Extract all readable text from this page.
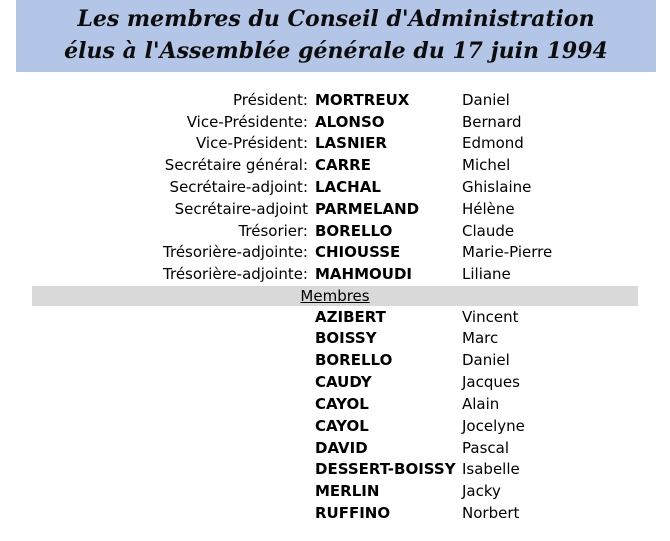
Les membres du Conseil d'Administration
élus à l'Assemblée générale du 17 juin 1994
Président: MORTREUX	Daniel
Vice-Présidente: ALONSO	Bernard
Vice-Président: LASNIER	Edmond
Secrétaire général: CARRE	Michel
Secrétaire-adjoint: LACHAL	Ghislaine
Secrétaire-adjoint PARMELAND	Hélène
Trésorier: BORELLO	Claude
Trésorière-adjointe: CHIOUSSE	Marie-Pierre
Trésorière-adjointe: MAHMOUDI	Liliane
Membres
AZIBERT	Vincent
BOISSY	Marc
BORELLO	Daniel
CAUDY	Jacques
CAYOL	Alain
CAYOL	Jocelyne
DAVID	Pascal
DESSERT-BOISSY Isabelle
MERLIN	Jacky
RUFFINO	Norbert
